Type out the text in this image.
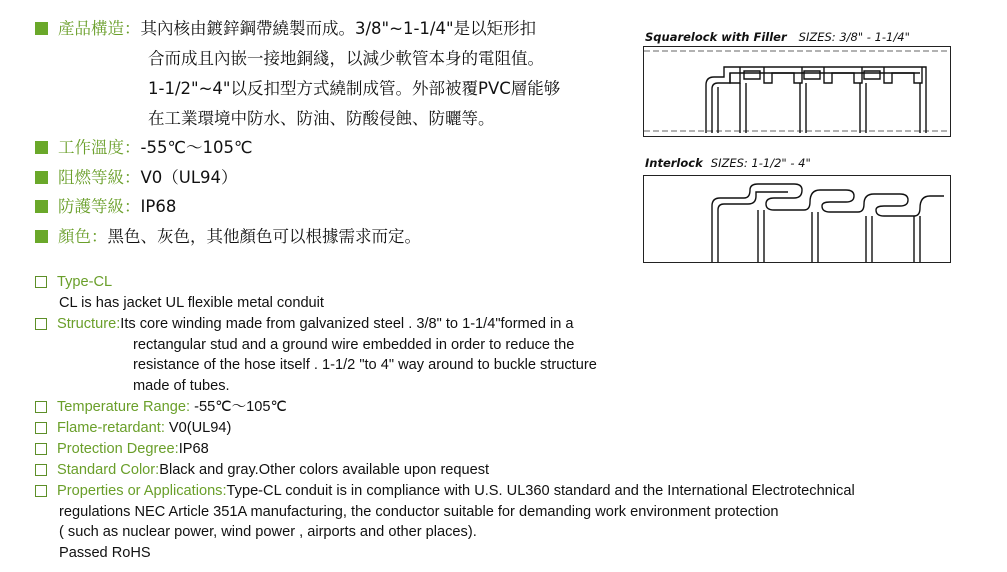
產品構造：其內核由鍍鋅鋼帶繞製而成。3/8"~1-1/4"是以矩形扣
合而成且內嵌一接地銅綫，以減少軟管本身的電阻值。
1-1/2"~4"以反扣型方式繞制成管。外部被覆PVC層能够
在工業環境中防水、防油、防酸侵蝕、防曬等。
工作溫度：-55℃～105℃
阻燃等級：V0（UL94）
防護等級：IP68
顏色：黑色、灰色，其他顏色可以根據需求而定。
Squarelock with Filler SIZES: 3/8" - 1-1/4"
Interlock SIZES: 1-1/2" - 4"
Type-CL
CL is has jacket UL flexible metal conduit
Structure:Its core winding made from galvanized steel . 3/8" to 1-1/4"formed in a
rectangular stud and a ground wire embedded in order to reduce the
resistance of the hose itself . 1-1/2 "to 4" way around to buckle structure
made of tubes.
Temperature Range: -55℃～105℃
Flame-retardant: V0(UL94)
Protection Degree:IP68
Standard Color:Black and gray.Other colors available upon request
Properties or Applications:Type-CL conduit is in compliance with U.S. UL360 standard and the International Electrotechnical
regulations NEC Article 351A manufacturing, the conductor suitable for demanding work environment protection
( such as nuclear power, wind power , airports and other places).
Passed RoHS
